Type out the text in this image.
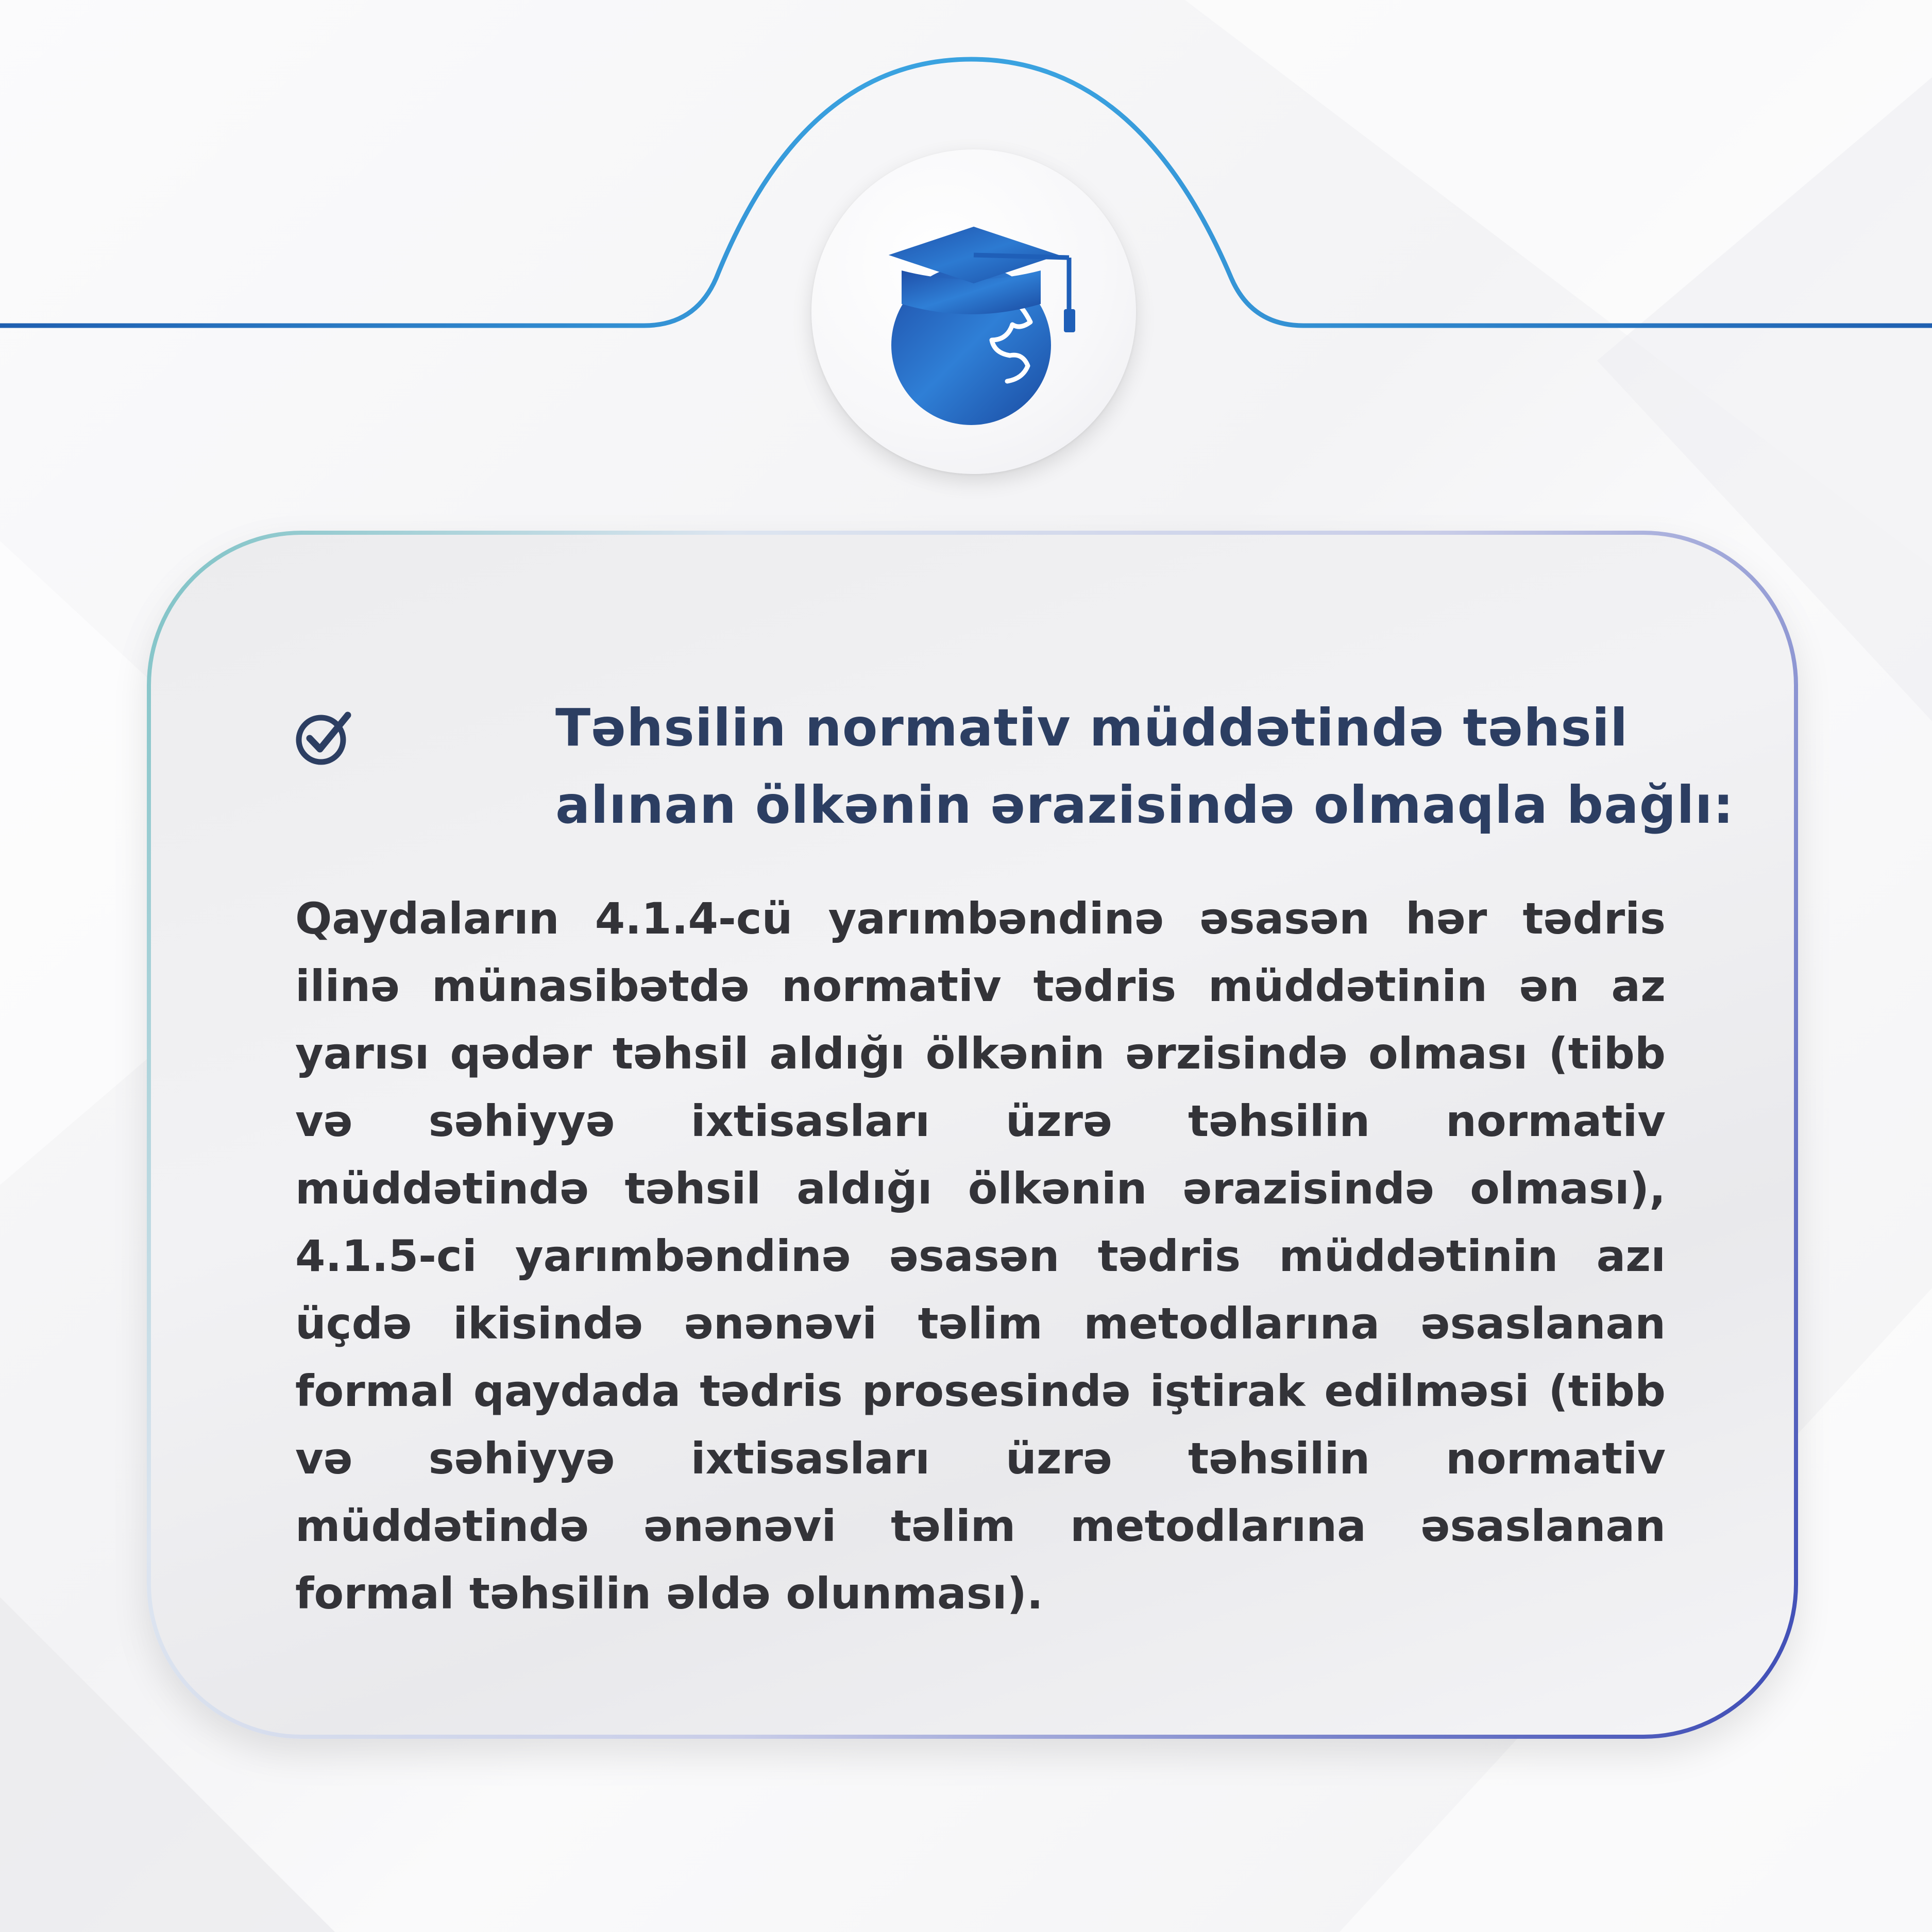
Təhsilin normativ müddətində təhsil alınan ölkənin ərazisində olmaqla bağlı:

Qaydaların 4.1.4-cü yarımbəndinə əsasən hər tədris ilinə münasibətdə normativ tədris müddətinin ən az yarısı qədər təhsil aldığı ölkənin ərzisində olması (tibb və səhiyyə ixtisasları üzrə təhsilin normativ müddətində təhsil aldığı ölkənin ərazisində olması), 4.1.5-ci yarımbəndinə əsasən tədris müddətinin azı üçdə ikisində ənənəvi təlim metodlarına əsaslanan formal qaydada tədris prosesində iştirak edilməsi (tibb və səhiyyə ixtisasları üzrə təhsilin normativ müddətində ənənəvi təlim metodlarına əsaslanan formal təhsilin əldə olunması).
